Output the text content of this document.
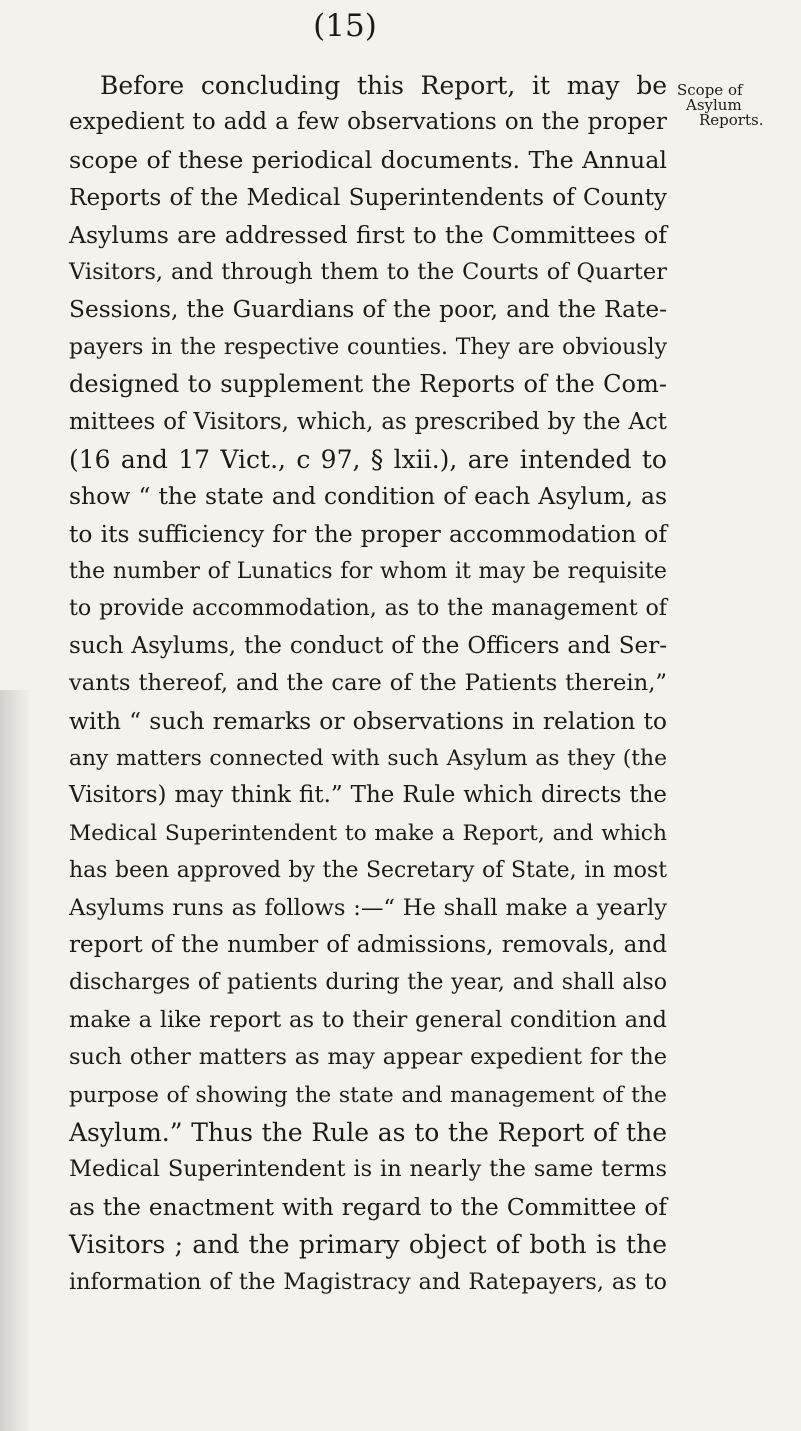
(15)
Scope of
Asylum
Reports.
Before concluding this Report, it may be
expedient to add a few observations on the proper
scope of these periodical documents. The Annual
Reports of the Medical Superintendents of County
Asylums are addressed first to the Committees of
Visitors, and through them to the Courts of Quarter
Sessions, the Guardians of the poor, and the Rate-
payers in the respective counties. They are obviously
designed to supplement the Reports of the Com-
mittees of Visitors, which, as prescribed by the Act
(16 and 17 Vict., c 97, § lxii.), are intended to
show “ the state and condition of each Asylum, as
to its sufficiency for the proper accommodation of
the number of Lunatics for whom it may be requisite
to provide accommodation, as to the management of
such Asylums, the conduct of the Officers and Ser-
vants thereof, and the care of the Patients therein,”
with “ such remarks or observations in relation to
any matters connected with such Asylum as they (the
Visitors) may think fit.” The Rule which directs the
Medical Superintendent to make a Report, and which
has been approved by the Secretary of State, in most
Asylums runs as follows :—“ He shall make a yearly
report of the number of admissions, removals, and
discharges of patients during the year, and shall also
make a like report as to their general condition and
such other matters as may appear expedient for the
purpose of showing the state and management of the
Asylum.” Thus the Rule as to the Report of the
Medical Superintendent is in nearly the same terms
as the enactment with regard to the Committee of
Visitors ; and the primary object of both is the
information of the Magistracy and Ratepayers, as to
